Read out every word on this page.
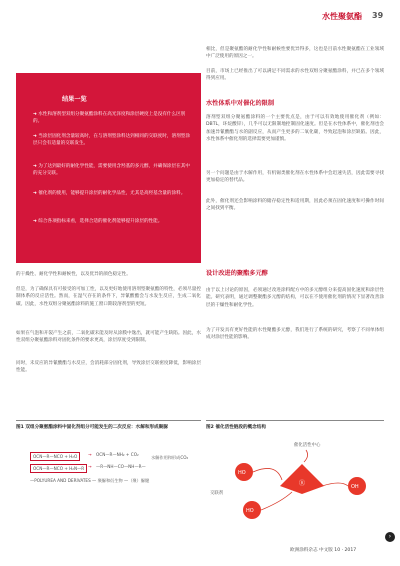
水性聚氨酯 39
结果一览
➜ 水性和溶剂型双组分聚氨酯涂料在高光泽度和涂层硬度上是没有什么区别的。
➜ 当涂层固化剂含量较高时，在与溶剂型涂料达到相同的交联度时，溶剂型涂层只会有适量的交联发生。
➜ 为了达到最好的耐化学性能，需要使用含羟基的多元醇，并确保涂层在其中的充分交联。
➜ 催化剂的使用，能够提升涂层的耐化学品性，尤其是高羟基含量的涂料。
➜ 综合各项指标来看，选择合适的催化剂能够提升涂层的性能。
的干燥性、耐化学性和耐候性，以及优异的颜色稳定性。
但是，为了确保具有可接受的可加工性，以及更好地使用溶剂型聚氨酯的特性，必须尽量控制体系的反应活性。然而，在湿气存在的条件下，异氰酸酯会与水发生反应，生成二氧化碳。因此，水性双组分聚氨酯涂料的施工窗口期较溶剂型的更短。
如果在气泡和开裂产生之前，二氧化碳未能及时从涂膜中逸出，就可能产生缺陷。因此，水性双组分聚氨酯涂料对固化条件的要求更高，涂层厚度受到限制。
同时，未反应的异氰酸酯与水反应，会消耗部分固化剂，导致涂层交联密度降低，影响涂层性能。
相比，但是聚氨酯的耐化学性和耐候性要优异得多，这也是目前水性聚氨酯在工业领域中广泛使用的原因之一。
目前，市场上已经推出了可以满足不同需求的水性双组分聚氨酯涂料，并已在多个领域得到应用。
水性体系中对催化的限制
溶剂型双组分聚氨酯涂料的一个主要优点是，由于可以有效地使用催化剂（例如：DBTL，环烷酸锌），几乎可以无限制地控制固化速度。但是在水性体系中，催化剂也会加速异氰酸酯与水的副反应，从而产生更多的二氧化碳，导致起泡和涂层缺陷。因此，水性体系中催化剂的选择需要更加谨慎。
另一个问题是由于水解作用，有机锡类催化剂在水性体系中会迅速失活，因此需要寻找更加稳定的替代品。
此外，催化剂还会影响涂料的储存稳定性和适用期，因此必须在固化速度和可操作时间之间找到平衡。
设计改进的聚酯多元醇
由于以上讨论的原因，必须通过改进涂料配方中的多元醇组分来提高固化速度和涂层性能。研究表明，通过调整聚酯多元醇的结构，可以在不使用催化剂的情况下显著改善涂层的干燥性和耐化学性。
为了开发具有更好性能的水性聚酯多元醇，我们进行了系统的研究，考察了不同单体组成对涂层性能的影响。
图1 双组分聚氨酯涂料中固化剂组分可能发生的二次反应：水解和形成聚脲
OCN—R—NCO + H₂O	→ OCN—R—NH₂ + CO₂
OCN—R—NCO + H₂N—R → —R—NH—CO—NH—R—
水解作用和形成CO₂
—POLYUREA AND DERIVATES — 聚脲和衍生物 —（聚）脲键
图2 催化活性链段的概念结构
催化活性中心
Ⓡ
HO
OH
HO
交联剂
›
欧洲涂料杂志 中文版 10 · 2017
